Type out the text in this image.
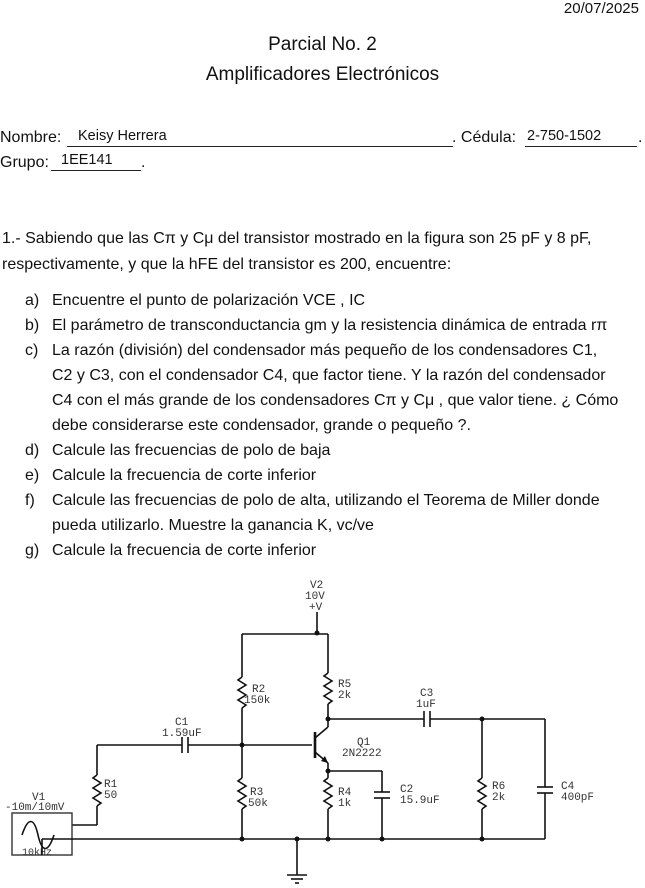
20/07/2025
Parcial No. 2
Amplificadores Electrónicos
Nombre: Keisy Herrera	. Cédula: 2-750-1502 .
Grupo: 1EE141 .
1.- Sabiendo que las Cπ y Cμ del transistor mostrado en la figura son 25 pF y 8 pF,
respectivamente, y que la hFE del transistor es 200, encuentre:
a) Encuentre el punto de polarización VCE , IC
b) El parámetro de transconductancia gm y la resistencia dinámica de entrada rπ
c) La razón (división) del condensador más pequeño de los condensadores C1,
C2 y C3, con el condensador C4, que factor tiene. Y la razón del condensador
C4 con el más grande de los condensadores Cπ y Cμ , que valor tiene. ¿ Cómo
debe considerarse este condensador, grande o pequeño ?.
d) Calcule las frecuencias de polo de baja
e) Calcule la frecuencia de corte inferior
f) Calcule las frecuencias de polo de alta, utilizando el Teorema de Miller donde
pueda utilizarlo. Muestre la ganancia K, vc/ve
g) Calcule la frecuencia de corte inferior
V2
10V
+V
R2
150k
R5
2k	C3
1uF
Q1
2N2222
C1
1.59uF
R1
50
V1
-10m/10mV
10kHz
R3
50k
R4
1k
C2
15.9uF
R6
2k
C4
400pF
